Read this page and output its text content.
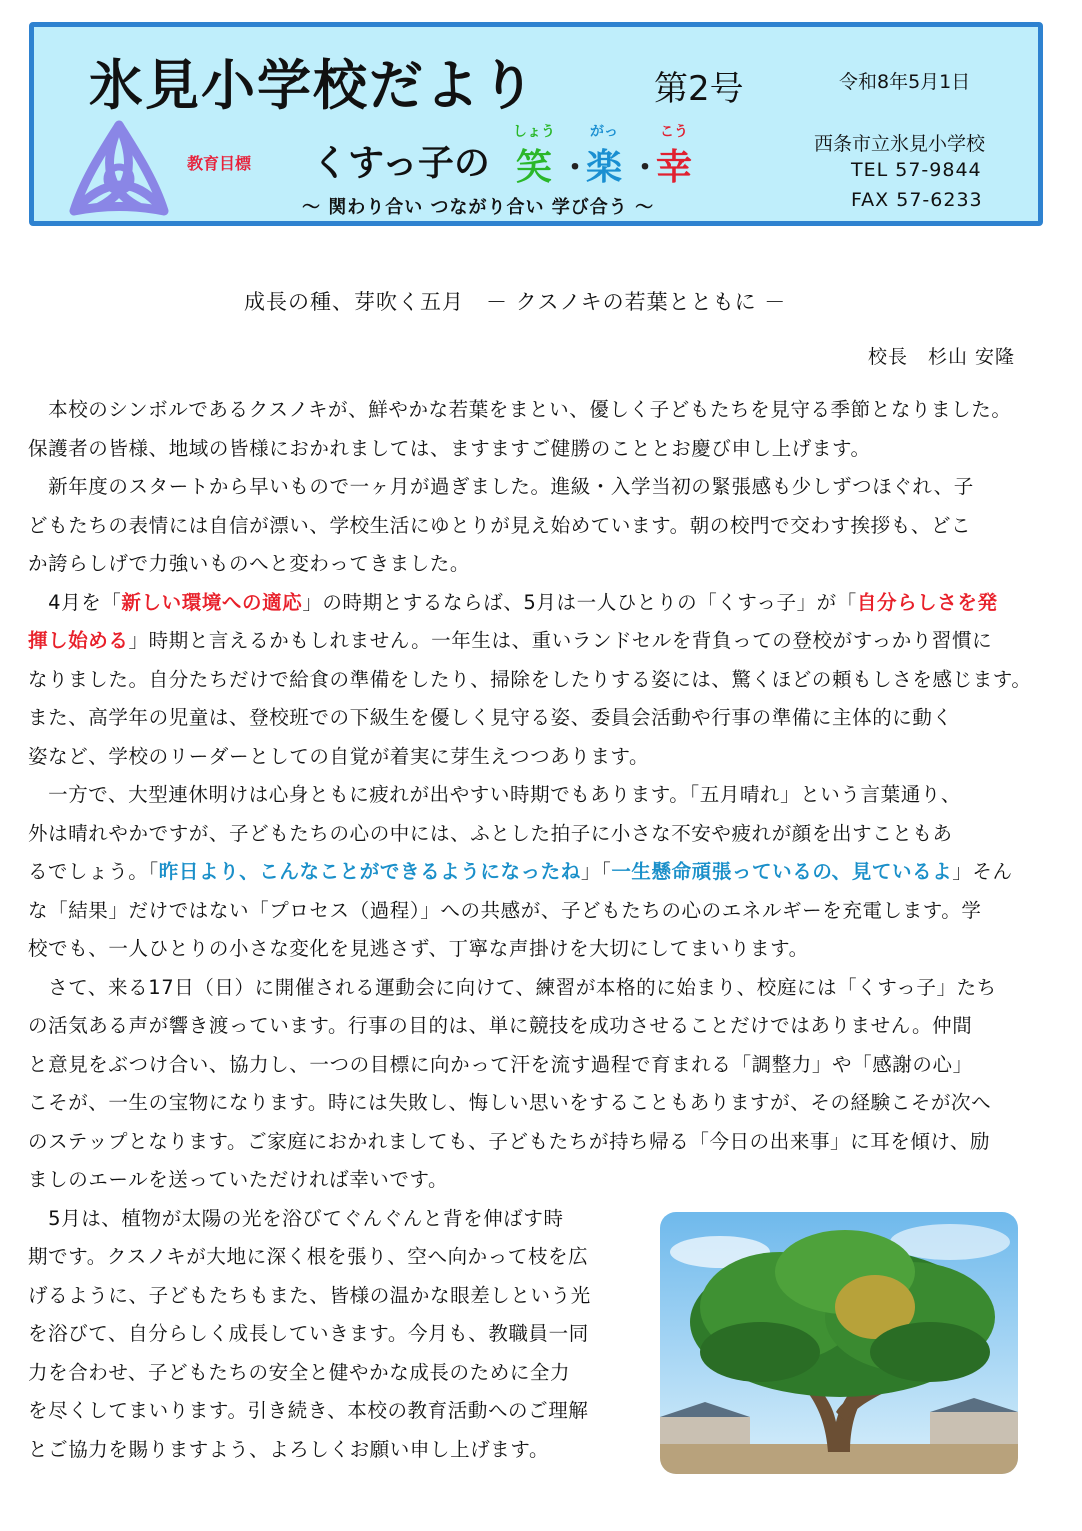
氷見小学校だより	第2号	令和8年5月1日
西条市立氷見小学校
TEL 57-9844
FAX 57-6233
教育目標 くすっ子の
しょう
笑 ・
がっ
楽 ・
こう
幸
～ 関わり合い つながり合い 学び合う ～
成長の種、芽吹く五月　－ クスノキの若葉とともに －
校長　杉山 安隆
　本校のシンボルであるクスノキが、鮮やかな若葉をまとい、優しく子どもたちを見守る季節となりました。
保護者の皆様、地域の皆様におかれましては、ますますご健勝のこととお慶び申し上げます。
　新年度のスタートから早いもので一ヶ月が過ぎました。進級・入学当初の緊張感も少しずつほぐれ、子
どもたちの表情には自信が漂い、学校生活にゆとりが見え始めています。朝の校門で交わす挨拶も、どこ
か誇らしげで力強いものへと変わってきました。
　4月を「新しい環境への適応」の時期とするならば、5月は一人ひとりの「くすっ子」が「自分らしさを発
揮し始める」時期と言えるかもしれません。一年生は、重いランドセルを背負っての登校がすっかり習慣に
なりました。自分たちだけで給食の準備をしたり、掃除をしたりする姿には、驚くほどの頼もしさを感じます。
また、高学年の児童は、登校班での下級生を優しく見守る姿、委員会活動や行事の準備に主体的に動く
姿など、学校のリーダーとしての自覚が着実に芽生えつつあります。
　一方で、大型連休明けは心身ともに疲れが出やすい時期でもあります。「五月晴れ」という言葉通り、
外は晴れやかですが、子どもたちの心の中には、ふとした拍子に小さな不安や疲れが顔を出すこともあ
るでしょう。「昨日より、こんなことができるようになったね」「一生懸命頑張っているの、見ているよ」そん
な「結果」だけではない「プロセス（過程）」への共感が、子どもたちの心のエネルギーを充電します。学
校でも、一人ひとりの小さな変化を見逃さず、丁寧な声掛けを大切にしてまいります。
　さて、来る17日（日）に開催される運動会に向けて、練習が本格的に始まり、校庭には「くすっ子」たち
の活気ある声が響き渡っています。行事の目的は、単に競技を成功させることだけではありません。仲間
と意見をぶつけ合い、協力し、一つの目標に向かって汗を流す過程で育まれる「調整力」や「感謝の心」
こそが、一生の宝物になります。時には失敗し、悔しい思いをすることもありますが、その経験こそが次へ
のステップとなります。ご家庭におかれましても、子どもたちが持ち帰る「今日の出来事」に耳を傾け、励
ましのエールを送っていただければ幸いです。
　5月は、植物が太陽の光を浴びてぐんぐんと背を伸ばす時
期です。クスノキが大地に深く根を張り、空へ向かって枝を広
げるように、子どもたちもまた、皆様の温かな眼差しという光
を浴びて、自分らしく成長していきます。今月も、教職員一同
力を合わせ、子どもたちの安全と健やかな成長のために全力
を尽くしてまいります。引き続き、本校の教育活動へのご理解
とご協力を賜りますよう、よろしくお願い申し上げます。
